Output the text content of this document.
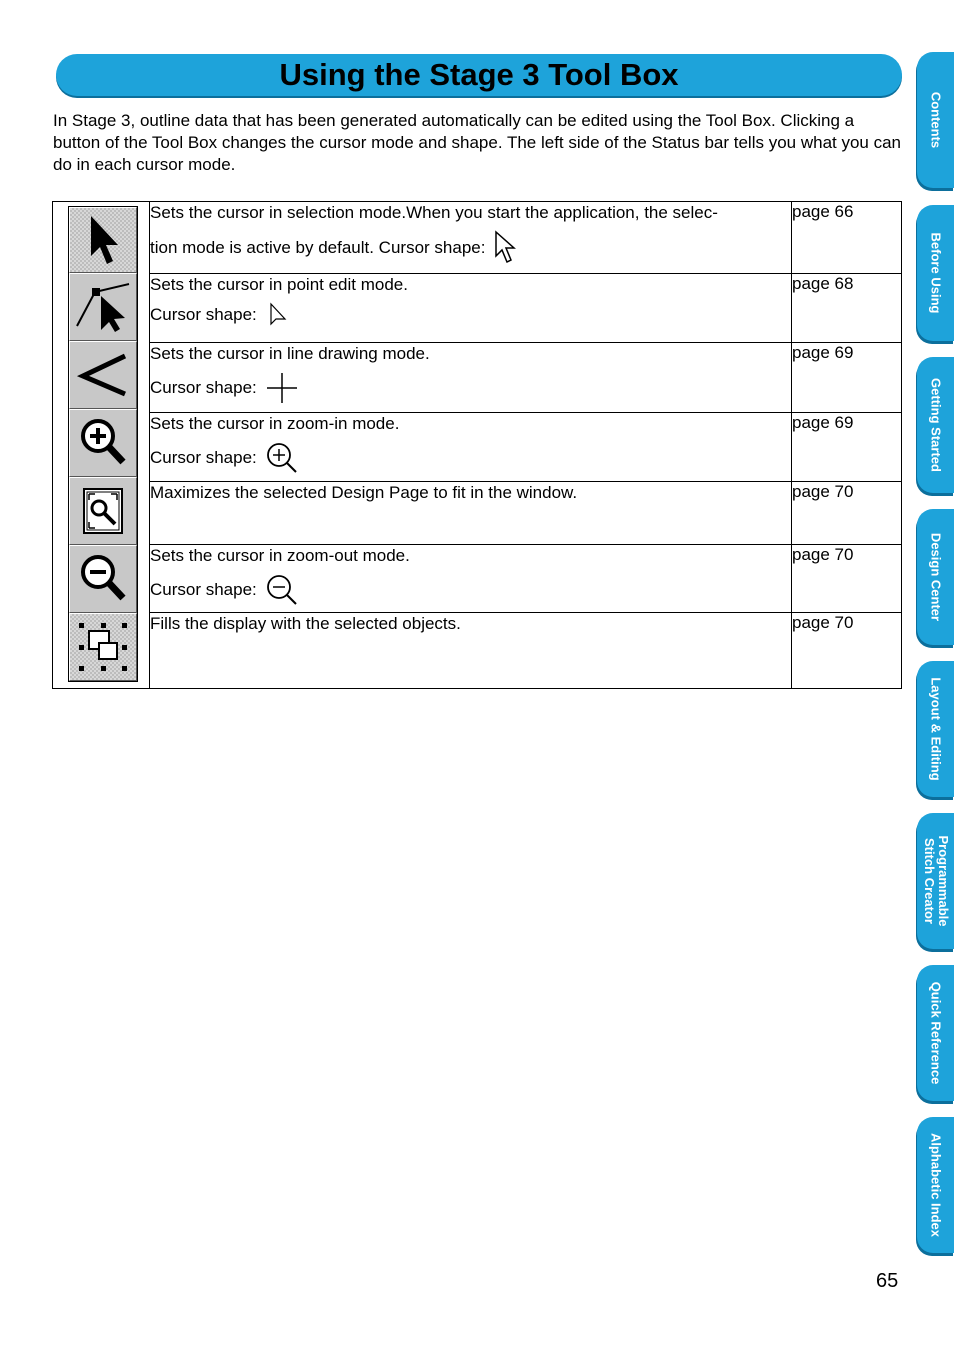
Using the Stage 3 Tool Box

In Stage 3, outline data that has been generated automatically can be edited using the Tool Box. Clicking a button of the Tool Box changes the cursor mode and shape. The left side of the Status bar tells you what you can do in each cursor mode.

Sets the cursor in selection mode.When you start the application, the selec-
tion mode is active by default. Cursor shape:	page 66

	Sets the cursor in point edit mode.
Cursor shape:	page 68

	Sets the cursor in line drawing mode.
Cursor shape:	page 69

	Sets the cursor in zoom-in mode.
Cursor shape:	page 69

	Maximizes the selected Design Page to fit in the window.	page 70

	Sets the cursor in zoom-out mode.
Cursor shape:	page 70

	Fills the display with the selected objects.	page 70
Contents
Before Using
Getting Started
Design Center
Layout & Editing
Programmable Stitch Creator
Quick Reference
Alphabetic Index
65
